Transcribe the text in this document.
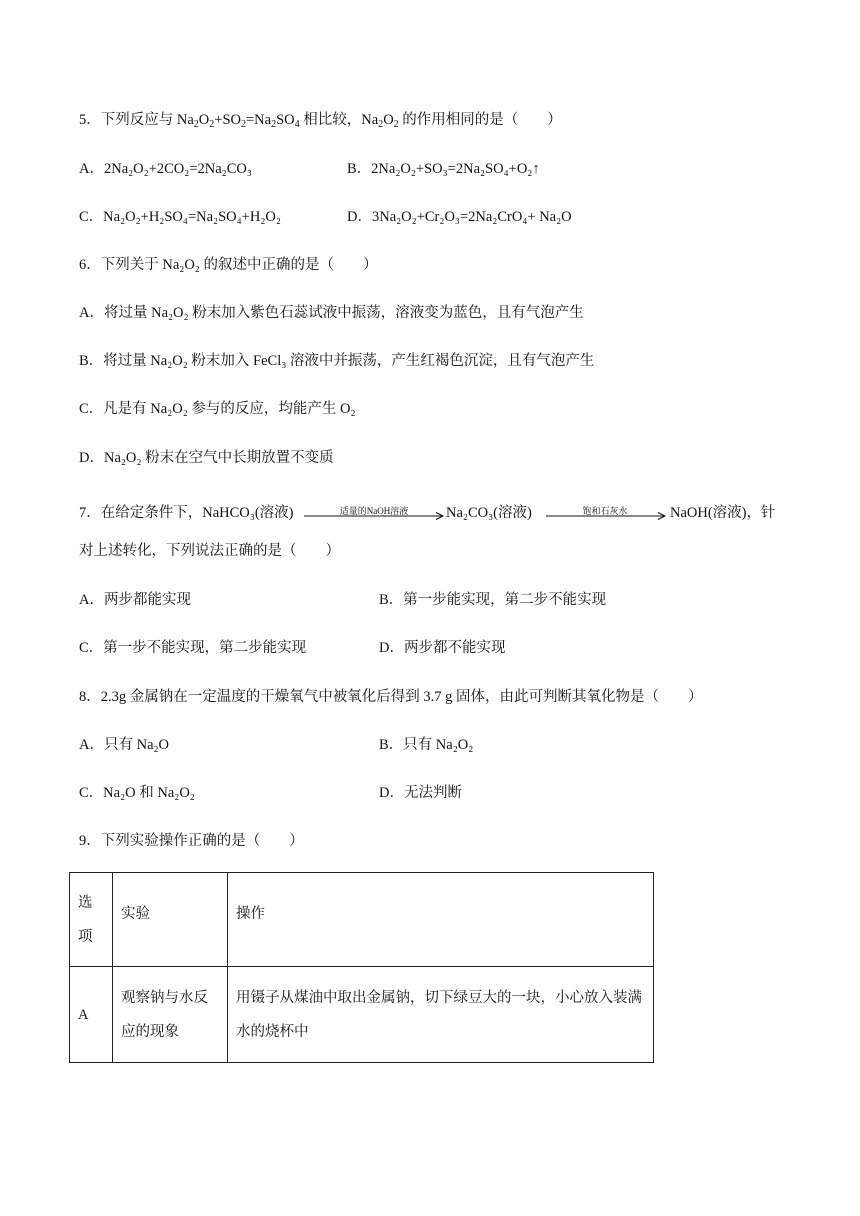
5．下列反应与 $Na_2O_2+SO_2=Na_2SO_4$ 相比较，$Na_2O_2$ 的作用相同的是（　　）
A．2Na₂O₂+2CO₂=2Na₂CO₃	B．2Na₂O₂+SO₃=2Na₂SO₄+O₂↑
C．Na₂O₂+H₂SO₄=Na₂SO₄+H₂O₂	D．3Na₂O₂+Cr₂O₃=2Na₂CrO₄+ Na₂O
6．下列关于 Na₂O₂ 的叙述中正确的是（　　）
A．将过量 Na₂O₂ 粉末加入紫色石蕊试液中振荡，溶液变为蓝色，且有气泡产生
B．将过量 Na₂O₂ 粉末加入 FeCl₃ 溶液中并振荡，产生红褐色沉淀，且有气泡产生
C．凡是有 Na₂O₂ 参与的反应，均能产生 O₂
D．Na₂O₂ 粉末在空气中长期放置不变质
7．在给定条件下，NaHCO₃(溶液)	适量的NaOH溶液	Na₂CO₃(溶液)	饱和石灰水	NaOH(溶液)，针
对上述转化，下列说法正确的是（　　）
A．两步都能实现	B．第一步能实现，第二步不能实现
C．第一步不能实现，第二步能实现	D．两步都不能实现
8．2.3g 金属钠在一定温度的干燥氧气中被氧化后得到 3.7 g 固体，由此可判断其氧化物是（　　）
A．只有 Na₂O	B．只有 Na₂O₂
C．Na₂O 和 Na₂O₂	D．无法判断
9．下列实验操作正确的是（　　）
选项	实验	操作
A	观察钠与水反应的现象	用镊子从煤油中取出金属钠，切下绿豆大的一块，小心放入装满水的烧杯中
